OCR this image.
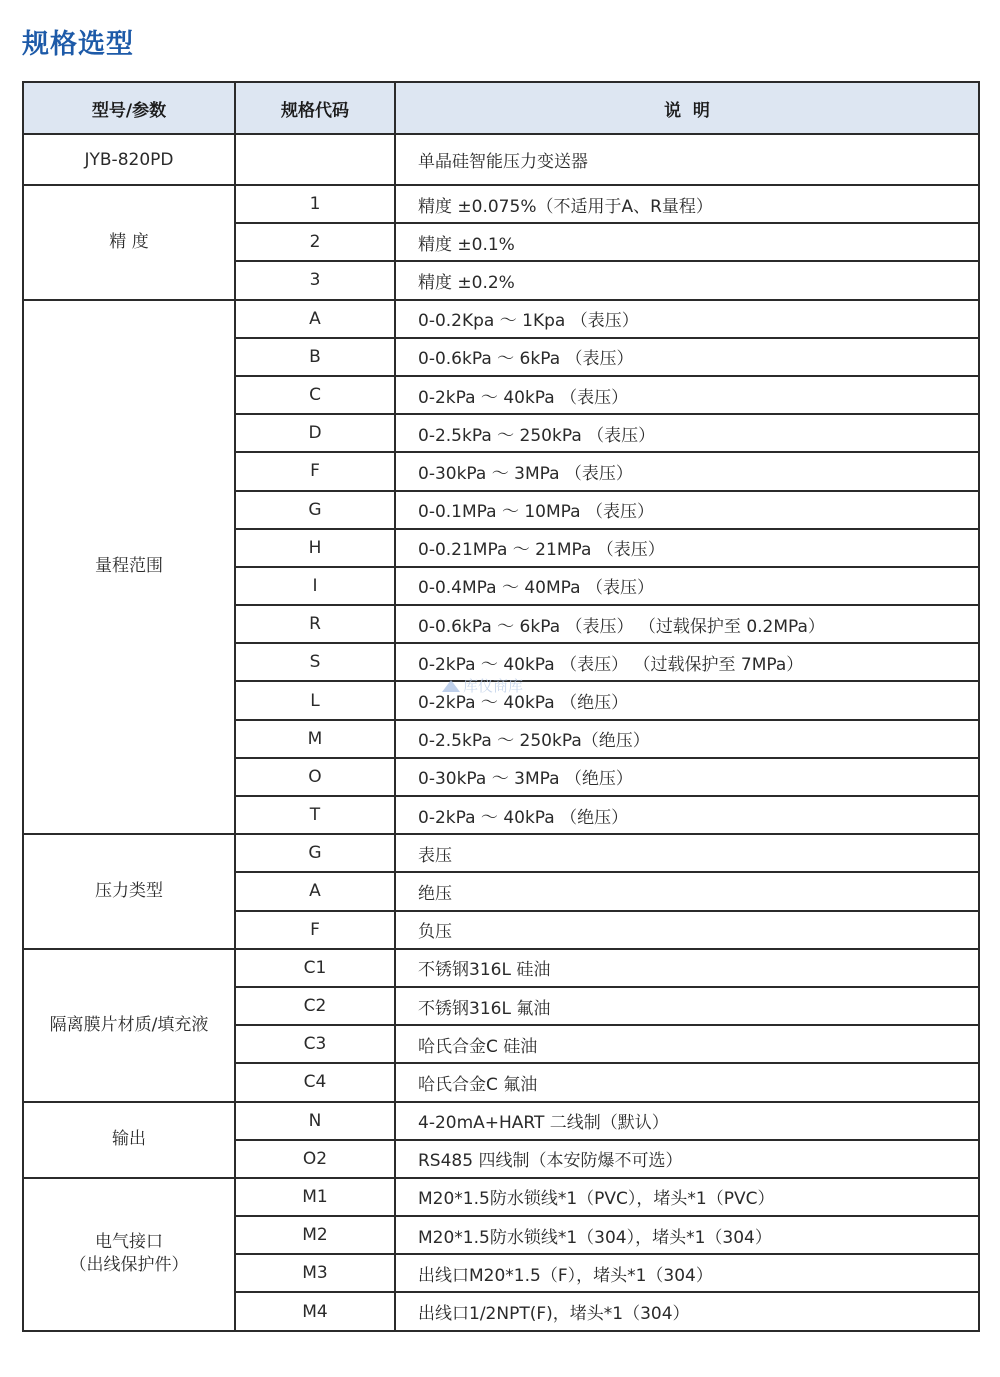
规格选型
型号/参数	规格代码	说  明
JYB-820PD		单晶硅智能压力变送器
精 度	1	精度 ±0.075%（不适用于A、R量程）
	2	精度 ±0.1%
	3	精度 ±0.2%
量程范围	A	0-0.2Kpa ～ 1Kpa （表压）
	B	0-0.6kPa ～ 6kPa （表压）
	C	0-2kPa ～ 40kPa （表压）
	D	0-2.5kPa ～ 250kPa （表压）
	F	0-30kPa ～ 3MPa （表压）
	G	0-0.1MPa ～ 10MPa （表压）
	H	0-0.21MPa ～ 21MPa （表压）
	I	0-0.4MPa ～ 40MPa （表压）
	R	0-0.6kPa ～ 6kPa （表压） （过载保护至 0.2MPa）
	S	0-2kPa ～ 40kPa （表压） （过载保护至 7MPa）
	L	0-2kPa ～ 40kPa （绝压）
	M	0-2.5kPa ～ 250kPa（绝压）
	O	0-30kPa ～ 3MPa （绝压）
	T	0-2kPa ～ 40kPa （绝压）
压力类型	G	表压
	A	绝压
	F	负压
隔离膜片材质/填充液	C1	不锈钢316L 硅油
	C2	不锈钢316L 氟油
	C3	哈氏合金C 硅油
	C4	哈氏合金C 氟油
输出	N	4-20mA+HART 二线制（默认）
	O2	RS485 四线制（本安防爆不可选）
电气接口
（出线保护件）	M1	M20*1.5防水锁线*1（PVC），堵头*1（PVC）
	M2	M20*1.5防水锁线*1（304），堵头*1（304）
	M3	出线口M20*1.5（F），堵头*1（304）
	M4	出线口1/2NPT(F)，堵头*1（304）
库仪商库
